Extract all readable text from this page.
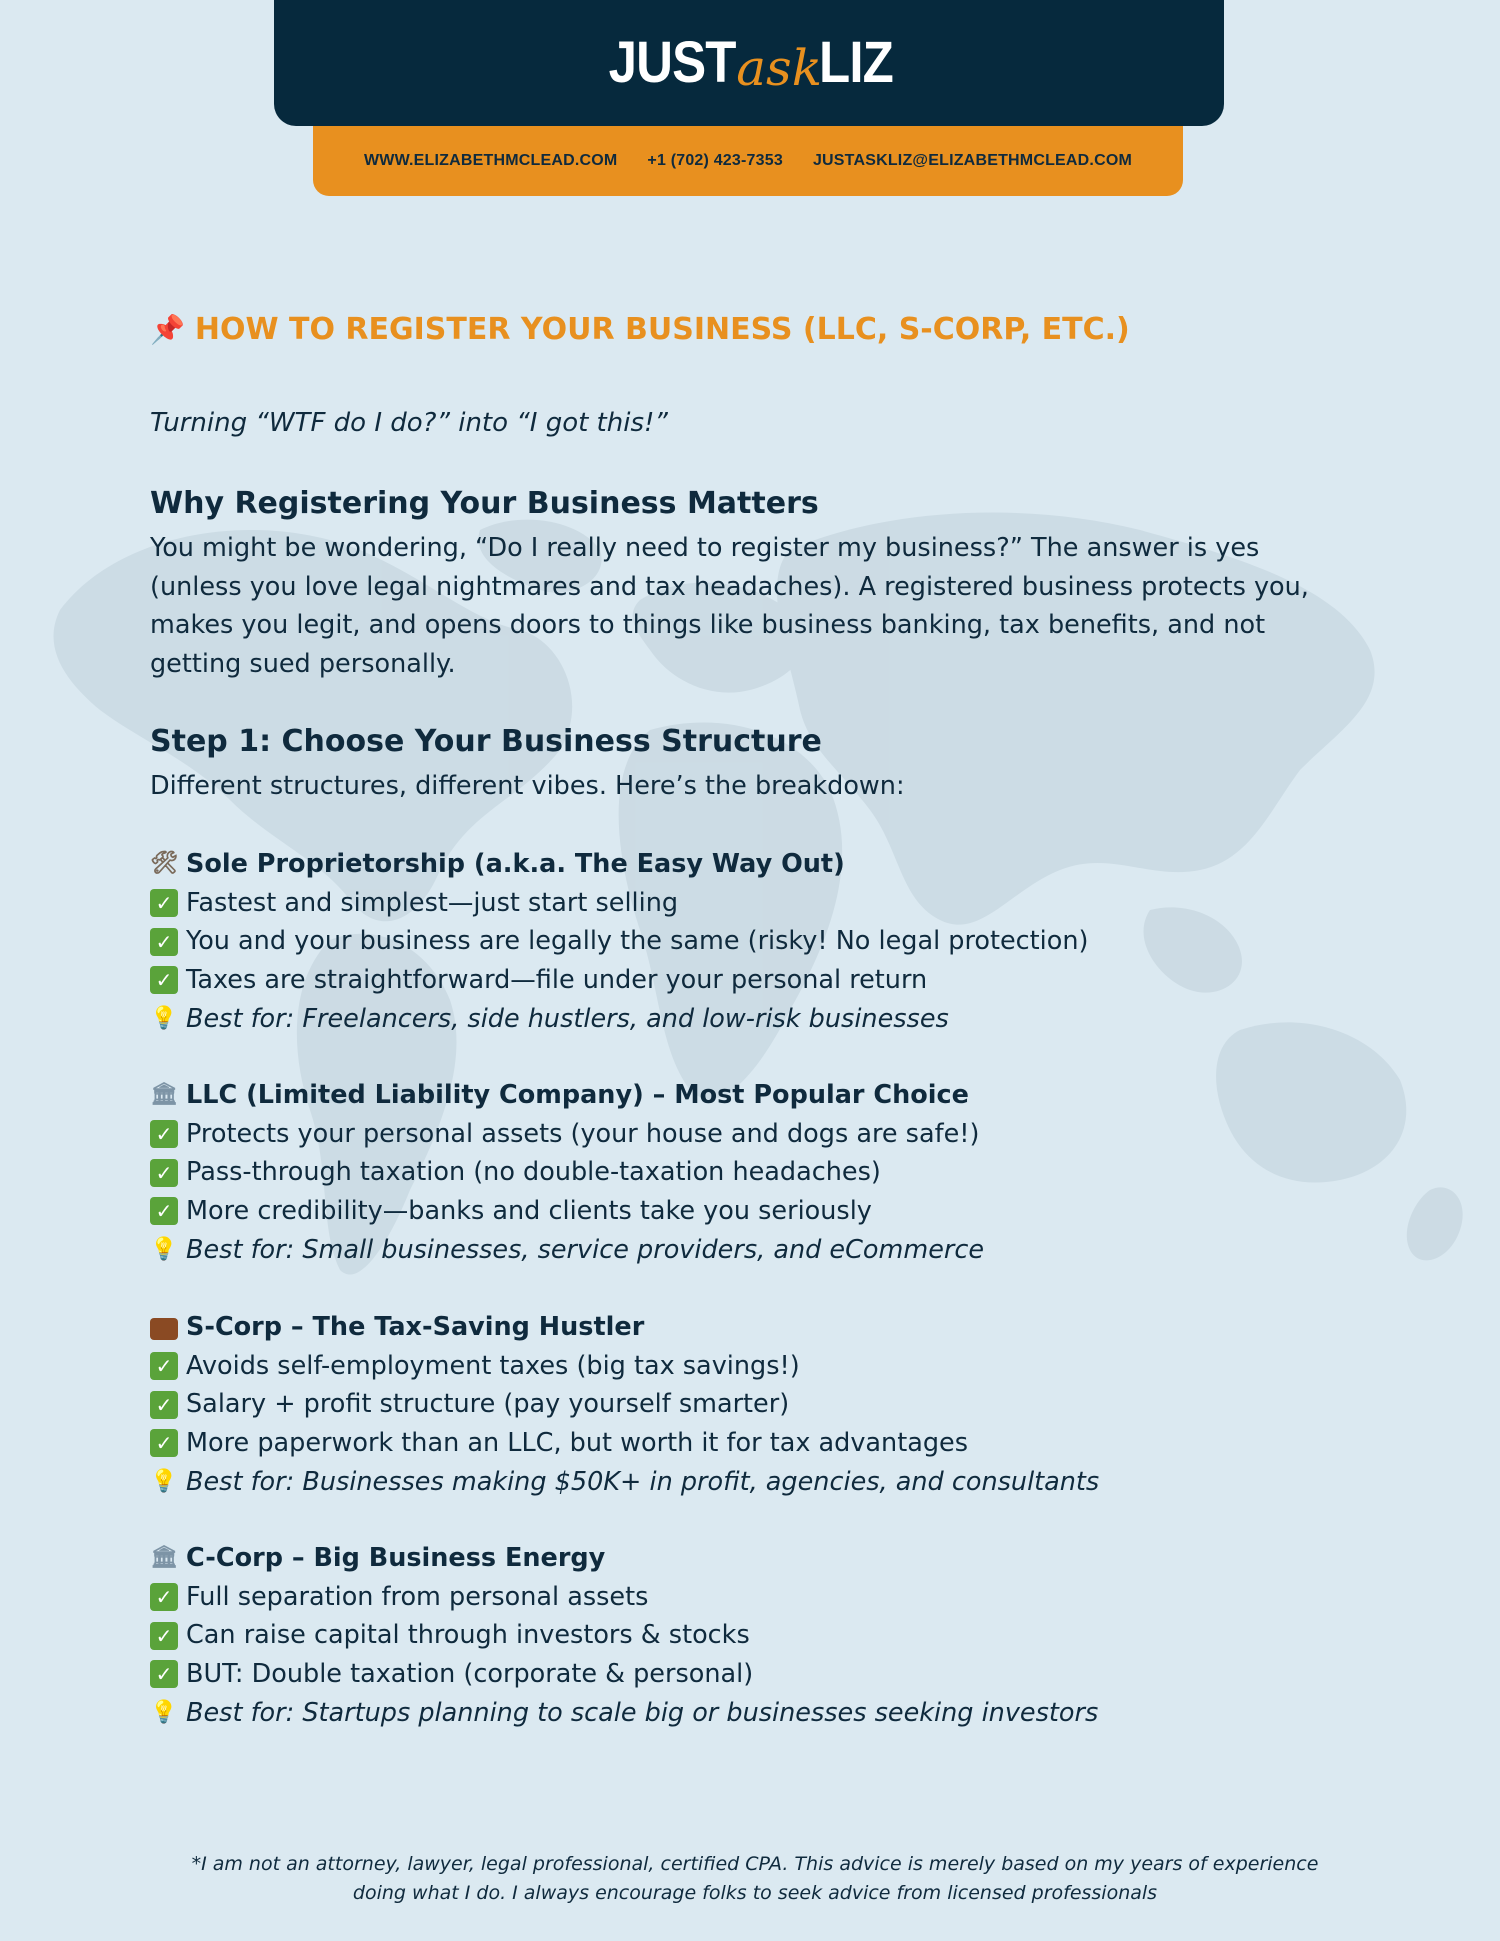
JUST ask
LIZ
WWW.ELIZABETHMCLEAD.COM +1 (702) 423-7353 JUSTASKLIZ@ELIZABETHMCLEAD.COM
📌 HOW TO REGISTER YOUR BUSINESS (LLC, S-CORP, ETC.)

Turning “WTF do I do?” into “I got this!”

Why Registering Your Business Matters
You might be wondering, “Do I really need to register my business?” The answer is yes
(unless you love legal nightmares and tax headaches). A registered business protects you,
makes you legit, and opens doors to things like business banking, tax benefits, and not
getting sued personally.
Step 1: Choose Your Business Structure

Different structures, different vibes. Here’s the breakdown:

🛠 Sole Proprietorship (a.k.a. The Easy Way Out)
✓ Fastest and simplest—just start selling
✓ You and your business are legally the same (risky! No legal protection)
✓ Taxes are straightforward—file under your personal return
💡 Best for: Freelancers, side hustlers, and low-risk businesses
🏛 LLC (Limited Liability Company) – Most Popular Choice
✓ Protects your personal assets (your house and dogs are safe!)
✓ Pass-through taxation (no double-taxation headaches)
✓ More credibility—banks and clients take you seriously
💡 Best for: Small businesses, service providers, and eCommerce
S-Corp – The Tax-Saving Hustler
✓ Avoids self-employment taxes (big tax savings!)
✓ Salary + profit structure (pay yourself smarter)
✓ More paperwork than an LLC, but worth it for tax advantages
💡 Best for: Businesses making $50K+ in profit, agencies, and consultants
🏛 C-Corp – Big Business Energy
✓ Full separation from personal assets
✓ Can raise capital through investors & stocks
✓ BUT: Double taxation (corporate & personal)
💡 Best for: Startups planning to scale big or businesses seeking investors
*I am not an attorney, lawyer, legal professional, certified CPA. This advice is merely based on my years of experience
doing what I do. I always encourage folks to seek advice from licensed professionals
